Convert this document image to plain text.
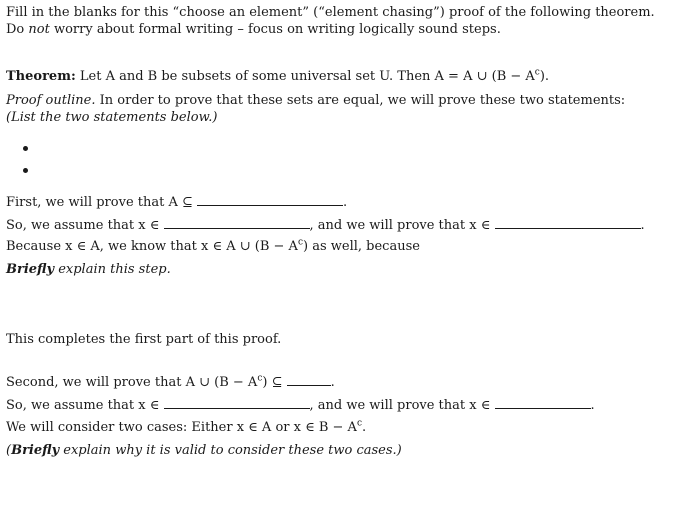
Fill in the blanks for this “choose an element” (“element chasing”) proof of the following theorem.
Do not worry about formal writing – focus on writing logically sound steps.
Theorem: Let A and B be subsets of some universal set U. Then A = A ∪ $(B - A^c)$.
Proof outline. In order to prove that these sets are equal, we will prove these two statements:
(List the two statements below.)
First, we will prove that A ⊆	.
So, we assume that x ∈	, and we will prove that x ∈	.
Because x ∈ A, we know that x ∈ A ∪ $(B - A^c)$ as well, because
Briefly explain this step.
This completes the first part of this proof.
Second, we will prove that A ∪ $(B - A^c)$ ⊆	.
So, we assume that x ∈	, and we will prove that x ∈	.
We will consider two cases: Either x ∈ A or x ∈ $B - A^c$.
(Briefly explain why it is valid to consider these two cases.)
